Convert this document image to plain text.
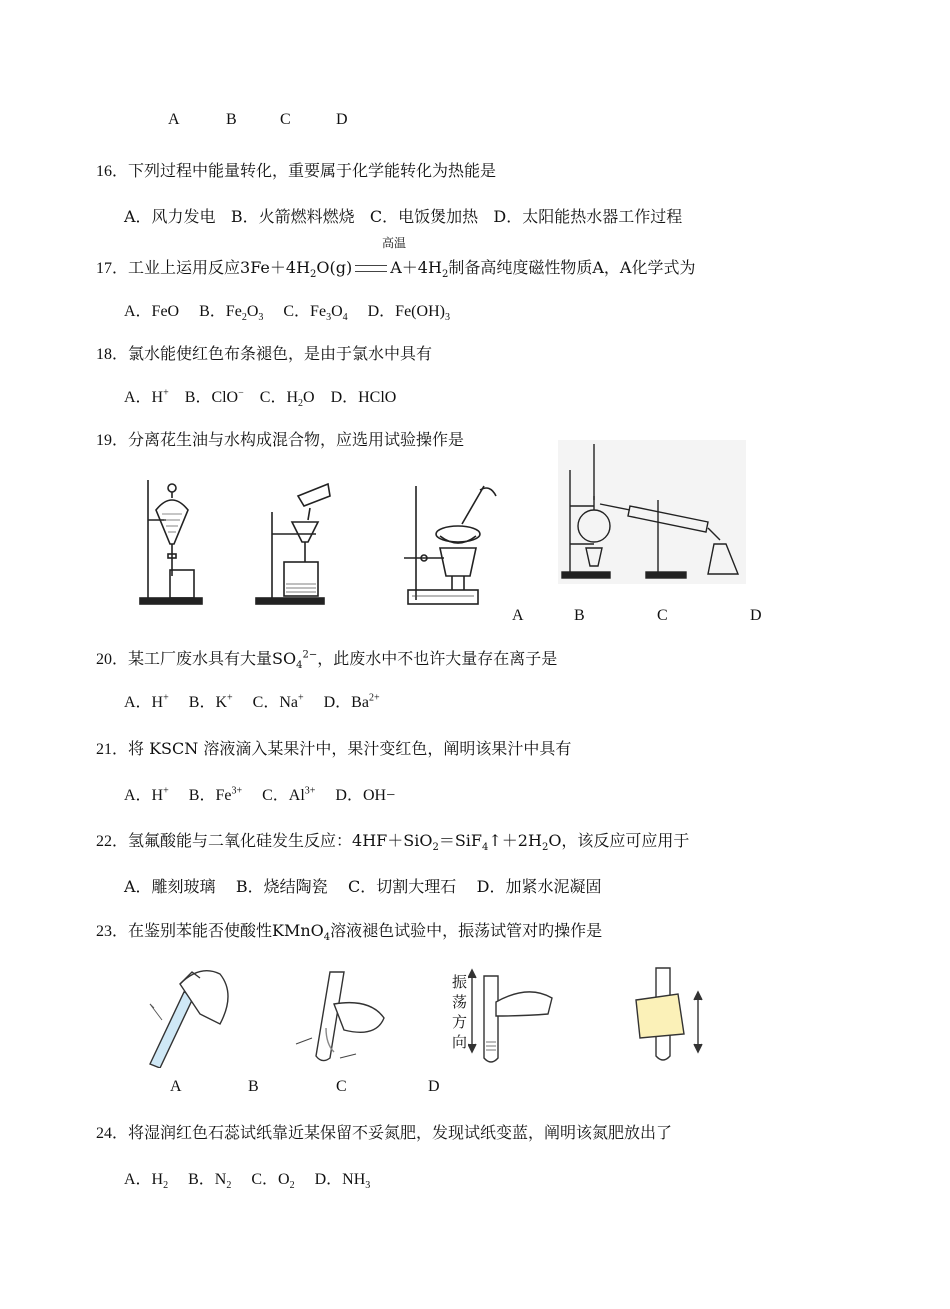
A	B	C	D
16．下列过程中能量转化，重要属于化学能转化为热能是
A．风力发电 B．火箭燃料燃烧 C．电饭煲加热 D．太阳能热水器工作过程
高温
17．工业上运用反应$3Fe+4H_2O(g)$ $A+4H_2$制备高纯度磁性物质A，A化学式为
A．FeO B．$Fe_2O_3$ C．$Fe_3O_4$ D．$Fe(OH)_3$
18．氯水能使红色布条褪色，是由于氯水中具有
A．H+ B．ClO− C．$H_2O$ D．HClO
19．分离花生油与水构成混合物，应选用试验操作是
A	B	C	D
20．某工厂废水具有大量$SO_4^{2-}$，此废水中不也许大量存在离子是
A．H+ B．K+ C．Na+ D．$Ba^{2+}$
21．将 KSCN 溶液滴入某果汁中，果汁变红色，阐明该果汁中具有
A．H+ B．$Fe^{3+}$ C．$Al^{3+}$ D．OH−
22．氢氟酸能与二氧化硅发生反应：$4HF+SiO_2=SiF_4↑+2H_2O$，该反应可应用于
A．雕刻玻璃 B．烧结陶瓷 C．切割大理石 D．加紧水泥凝固
23．在鉴别苯能否使酸性KMnO$_4$溶液褪色试验中，振荡试管对旳操作是
振
荡
方
向
A	B	C	D
24．将湿润红色石蕊试纸靠近某保留不妥氮肥，发现试纸变蓝，阐明该氮肥放出了
A．$H_2$ B．$N_2$ C．$O_2$ D．$NH_3$
